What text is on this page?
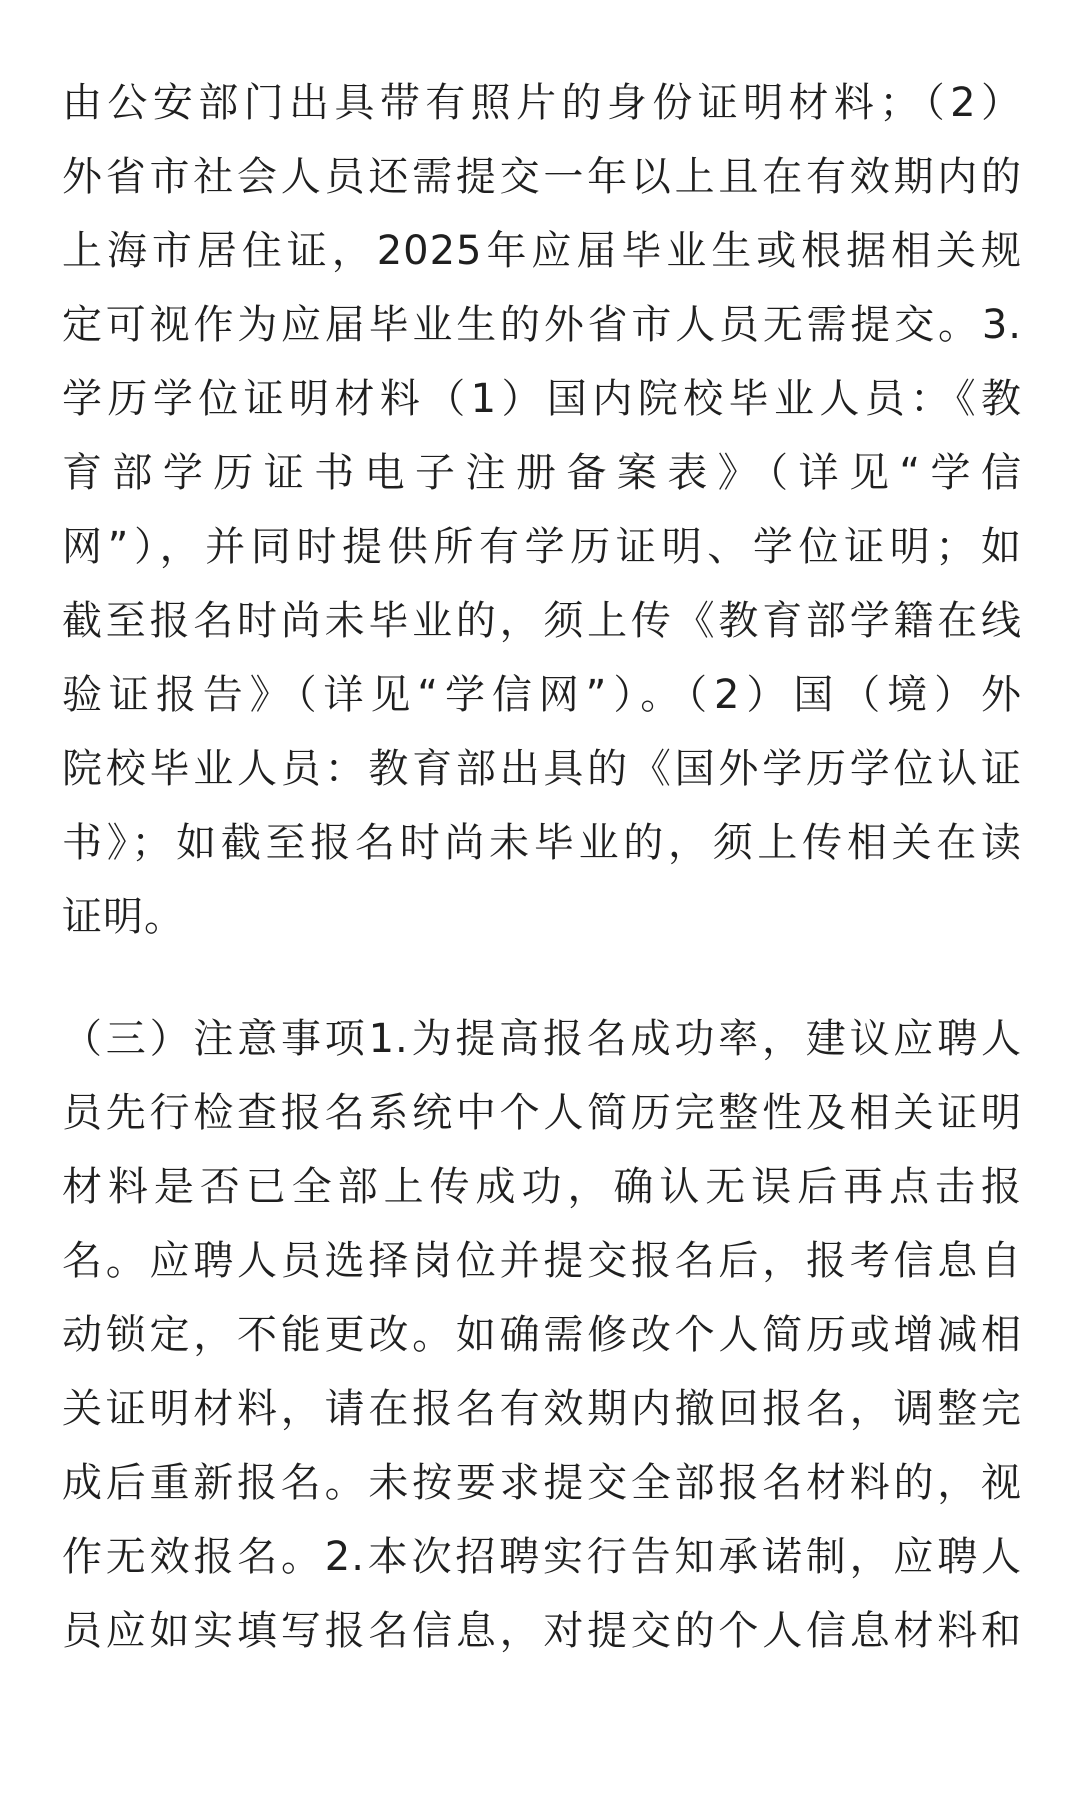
由公安部门出具带有照片的身份证明材料；（2）
外省市社会人员还需提交一年以上且在有效期内的
上海市居住证，2025年应届毕业生或根据相关规
定可视作为应届毕业生的外省市人员无需提交。3.
学历学位证明材料（1）国内院校毕业人员：《教
育部学历证书电子注册备案表》（详见“学信
网”），并同时提供所有学历证明、学位证明；如
截至报名时尚未毕业的，须上传《教育部学籍在线
验证报告》（详见“学信网”）。（2）国（境）外
院校毕业人员：教育部出具的《国外学历学位认证
书》；如截至报名时尚未毕业的，须上传相关在读
证明。
（三）注意事项1.为提高报名成功率，建议应聘人
员先行检查报名系统中个人简历完整性及相关证明
材料是否已全部上传成功，确认无误后再点击报
名。应聘人员选择岗位并提交报名后，报考信息自
动锁定，不能更改。如确需修改个人简历或增减相
关证明材料，请在报名有效期内撤回报名，调整完
成后重新报名。未按要求提交全部报名材料的，视
作无效报名。2.本次招聘实行告知承诺制，应聘人
员应如实填写报名信息，对提交的个人信息材料和
